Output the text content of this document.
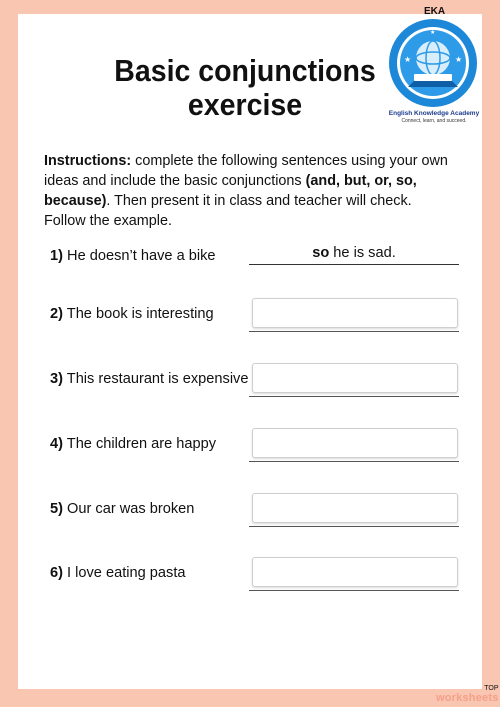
EKA
★	★
★
English Knowledge Academy
Connect, learn, and succeed.
Basic conjunctions
exercise
Instructions: complete the following sentences using your own ideas and include the basic conjunctions (and, but, or, so, because). Then present it in class and teacher will check. Follow the example.
1) He doesn’t have a bike	so he is sad.
2) The book is interesting
3) This restaurant is expensive
4) The children are happy
5) Our car was broken
6) I love eating pasta
TOP
worksheets
